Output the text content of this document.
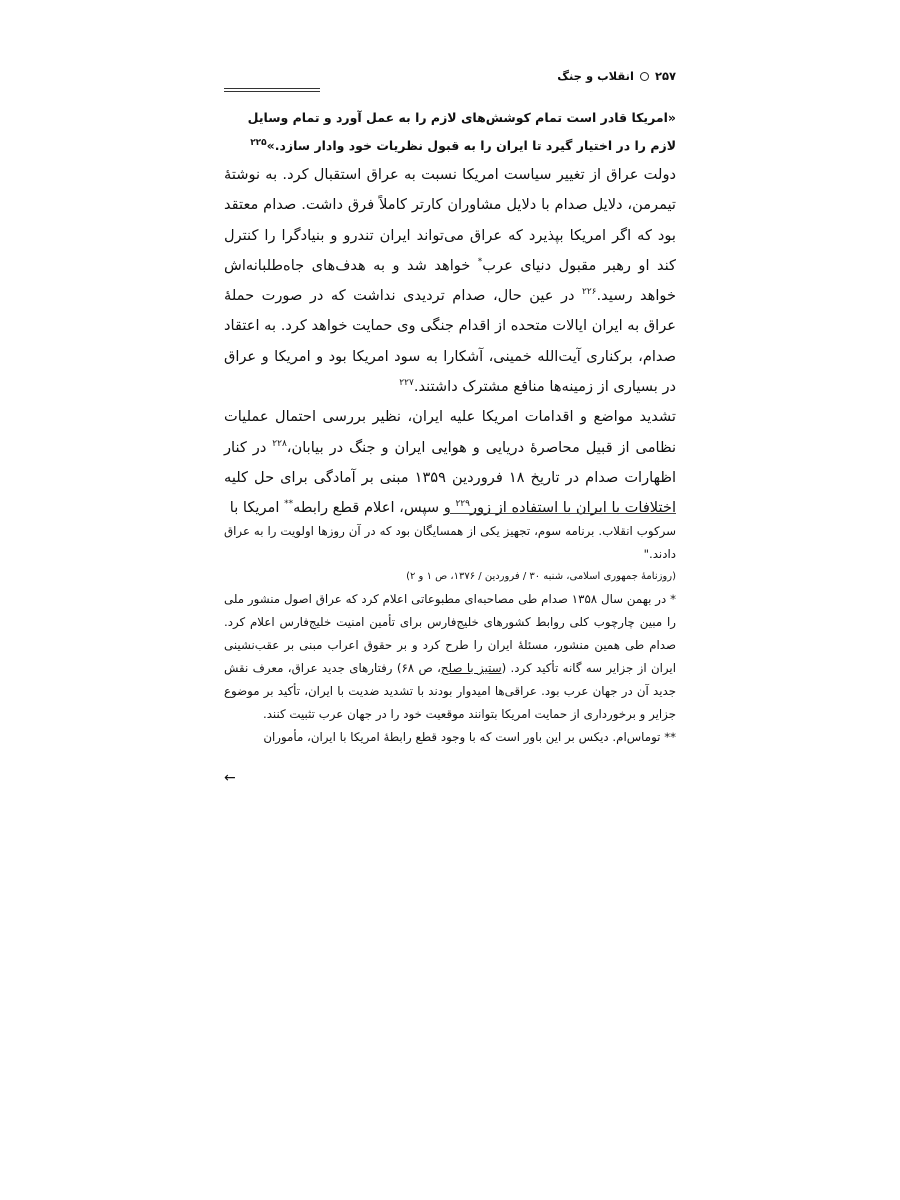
۲۵۷
انقلاب و جنگ
«امریکا قادر است تمام کوشش‌های لازم را به عمل آورد و تمام وسایل لازم را در اختیار گیرد تا ایران را به قبول نظریات خود وادار سازد.»$^{۲۲۵}$

دولت عراق از تغییر سیاست امریکا نسبت به عراق استقبال کرد. به نوشتهٔ تیمرمن، دلایل صدام با دلایل مشاوران کارتر کاملاً فرق داشت. صدام معتقد بود که اگر امریکا بپذیرد که عراق می‌تواند ایران تندرو و بنیادگرا را کنترل کند او رهبر مقبول دنیای عرب* خواهد شد و به هدف‌های جاه‌طلبانه‌اش خواهد رسید.$^{۲۲۶}$ در عین حال، صدام تردیدی نداشت که در صورت حملهٔ عراق به ایران ایالات متحده از اقدام جنگی وی حمایت خواهد کرد. به اعتقاد صدام، برکناری آیت‌الله خمینی، آشکارا به سود امریکا بود و امریکا و عراق در بسیاری از زمینه‌ها منافع مشترک داشتند.$^{۲۲۷}$

تشدید مواضع و اقدامات امریکا علیه ایران، نظیر بررسی احتمال عملیات نظامی از قبیل محاصرهٔ دریایی و هوایی ایران و جنگ در بیابان،$^{۲۲۸}$ در کنار اظهارات صدام در تاریخ ۱۸ فروردین ۱۳۵۹ مبنی بر آمادگی برای حل کلیه اختلافات با ایران با استفاده از زور$^{۲۲۹}$ و سپس، اعلام قطع رابطه** امریکا با

سرکوب انقلاب. برنامه سوم، تجهیز یکی از همسایگان بود که در آن روزها اولویت را به عراق دادند."

(روزنامهٔ جمهوری اسلامی، شنبه ۳۰ / فروردین / ۱۳۷۶، ص ۱ و ۲)

* در بهمن سال ۱۳۵۸ صدام طی مصاحبه‌ای مطبوعاتی اعلام کرد که عراق اصول منشور ملی را مبین چارچوب کلی روابط کشورهای خلیج‌فارس برای تأمین امنیت خلیج‌فارس اعلام کرد. صدام طی همین منشور، مسئلهٔ ایران را طرح کرد و بر حقوق اعراب مبنی بر عقب‌نشینی ایران از جزایر سه گانه تأکید کرد. (ستیز با صلح، ص ۶۸) رفتارهای جدید عراق، معرف نقش جدید آن در جهان عرب بود. عراقی‌ها امیدوار بودند با تشدید ضدیت با ایران، تأکید بر موضوع جزایر و برخورداری از حمایت امریکا بتوانند موقعیت خود را در جهان عرب تثبیت کنند.

** توماس‌ام. دیکس بر این باور است که با وجود قطع رابطهٔ امریکا با ایران، مأموران

←
